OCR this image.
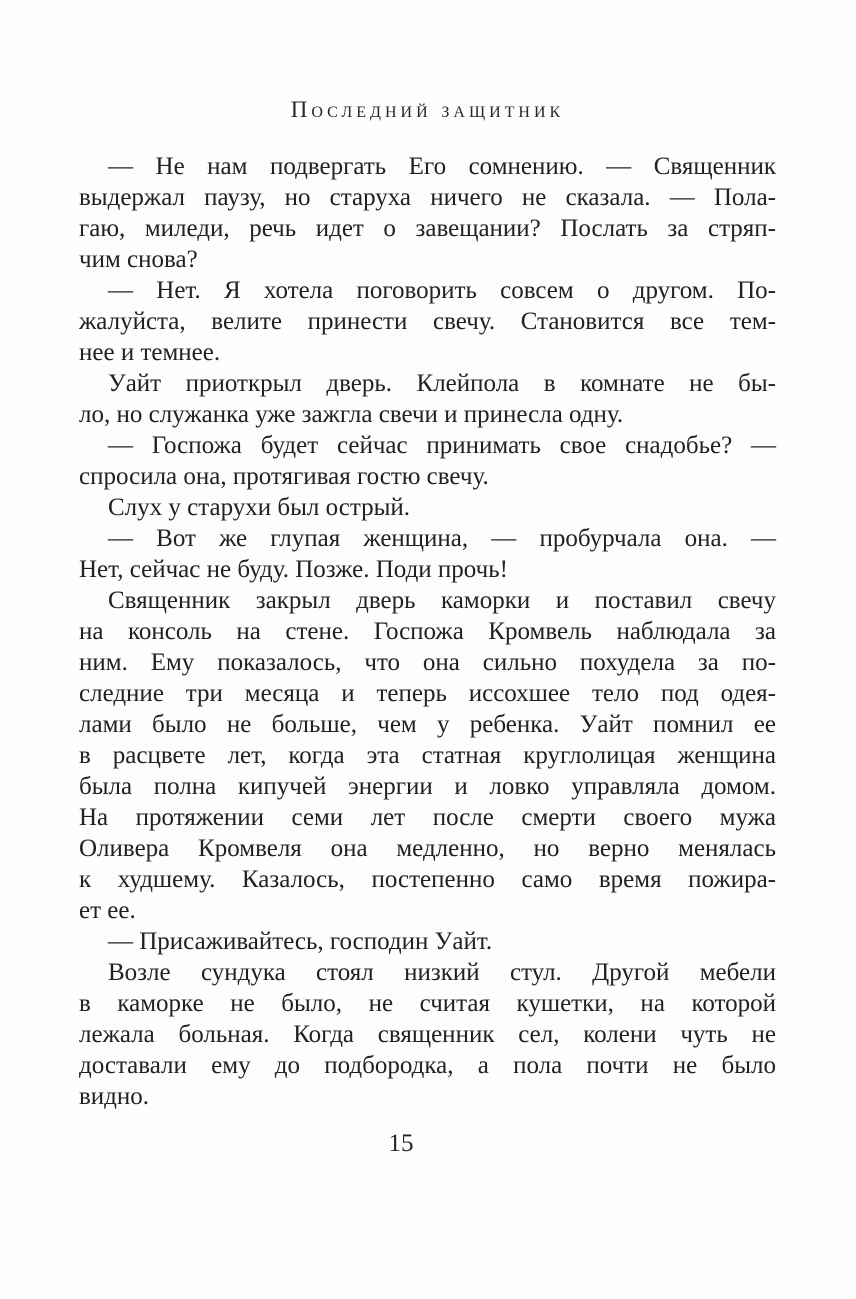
Последний защитник
— Не нам подвергать Его сомнению. — Священник
выдержал паузу, но старуха ничего не сказала. — Пола-
гаю, миледи, речь идет о завещании? Послать за стряп-
чим снова?
— Нет. Я хотела поговорить совсем о другом. По-
жалуйста, велите принести свечу. Становится все тем-
нее и темнее.
Уайт приоткрыл дверь. Клейпола в комнате не бы-
ло, но служанка уже зажгла свечи и принесла одну.
— Госпожа будет сейчас принимать свое снадобье? —
спросила она, протягивая гостю свечу.
Слух у старухи был острый.
— Вот же глупая женщина, — пробурчала она. —
Нет, сейчас не буду. Позже. Поди прочь!
Священник закрыл дверь каморки и поставил свечу
на консоль на стене. Госпожа Кромвель наблюдала за
ним. Ему показалось, что она сильно похудела за по-
следние три месяца и теперь иссохшее тело под одея-
лами было не больше, чем у ребенка. Уайт помнил ее
в расцвете лет, когда эта статная круглолицая женщина
была полна кипучей энергии и ловко управляла домом.
На протяжении семи лет после смерти своего мужа
Оливера Кромвеля она медленно, но верно менялась
к худшему. Казалось, постепенно само время пожира-
ет ее.
— Присаживайтесь, господин Уайт.
Возле сундука стоял низкий стул. Другой мебели
в каморке не было, не считая кушетки, на которой
лежала больная. Когда священник сел, колени чуть не
доставали ему до подбородка, а пола почти не было
видно.
15
